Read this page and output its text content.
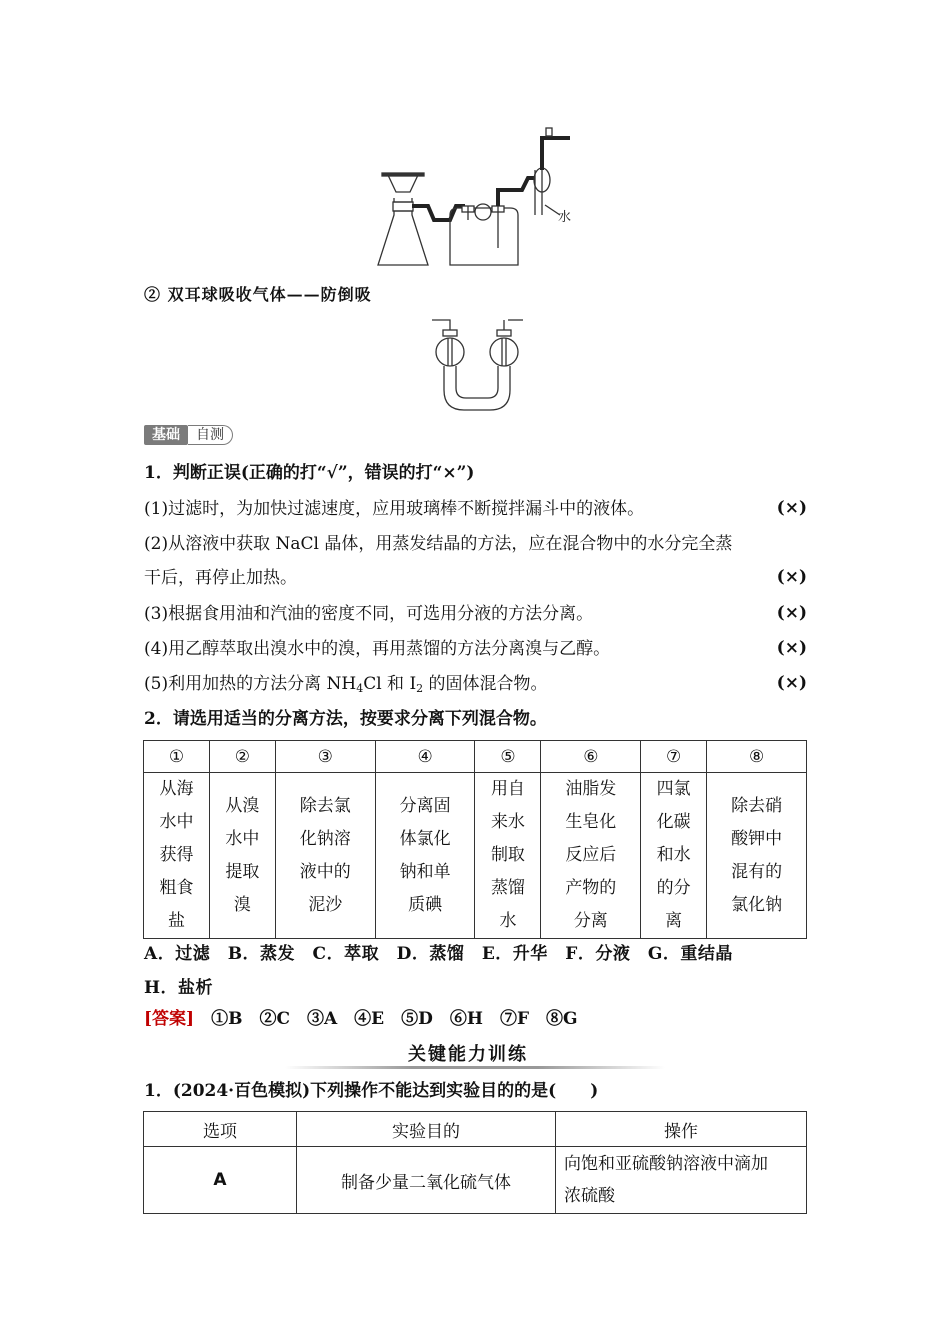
水
② 双耳球吸收气体——防倒吸
基础	自测
1．判断正误(正确的打“√”，错误的打“×”)
(1)过滤时，为加快过滤速度，应用玻璃棒不断搅拌漏斗中的液体。	(×)
(2)从溶液中获取 NaCl 晶体，用蒸发结晶的方法，应在混合物中的水分完全蒸
干后，再停止加热。	(×)
(3)根据食用油和汽油的密度不同，可选用分液的方法分离。	(×)
(4)用乙醇萃取出溴水中的溴，再用蒸馏的方法分离溴与乙醇。	(×)
(5)利用加热的方法分离 $NH_4Cl$ 和 $I_2$ 的固体混合物。	(×)
2．请选用适当的分离方法，按要求分离下列混合物。
①	②	③	④	⑤	⑥	⑦	⑧
从海水中获得粗食盐	从溴水中提取溴	除去氯化钠溶液中的泥沙	分离固体氯化钠和单质碘	用自来水制取蒸馏水	油脂发生皂化反应后产物的分离	四氯化碳和水的分离	除去硝酸钾中混有的氯化钠
A．过滤　B．蒸发　C．萃取　D．蒸馏　E．升华　F．分液　G．重结晶
H．盐析
[答案]　 ①B　②C　③A　④E　⑤D　⑥H　⑦F　⑧G
关键能力训练
1．(2024·百色模拟)下列操作不能达到实验目的的是(　　)
选项	实验目的	操作
A	制备少量二氧化硫气体	向饱和亚硫酸钠溶液中滴加
浓硫酸
